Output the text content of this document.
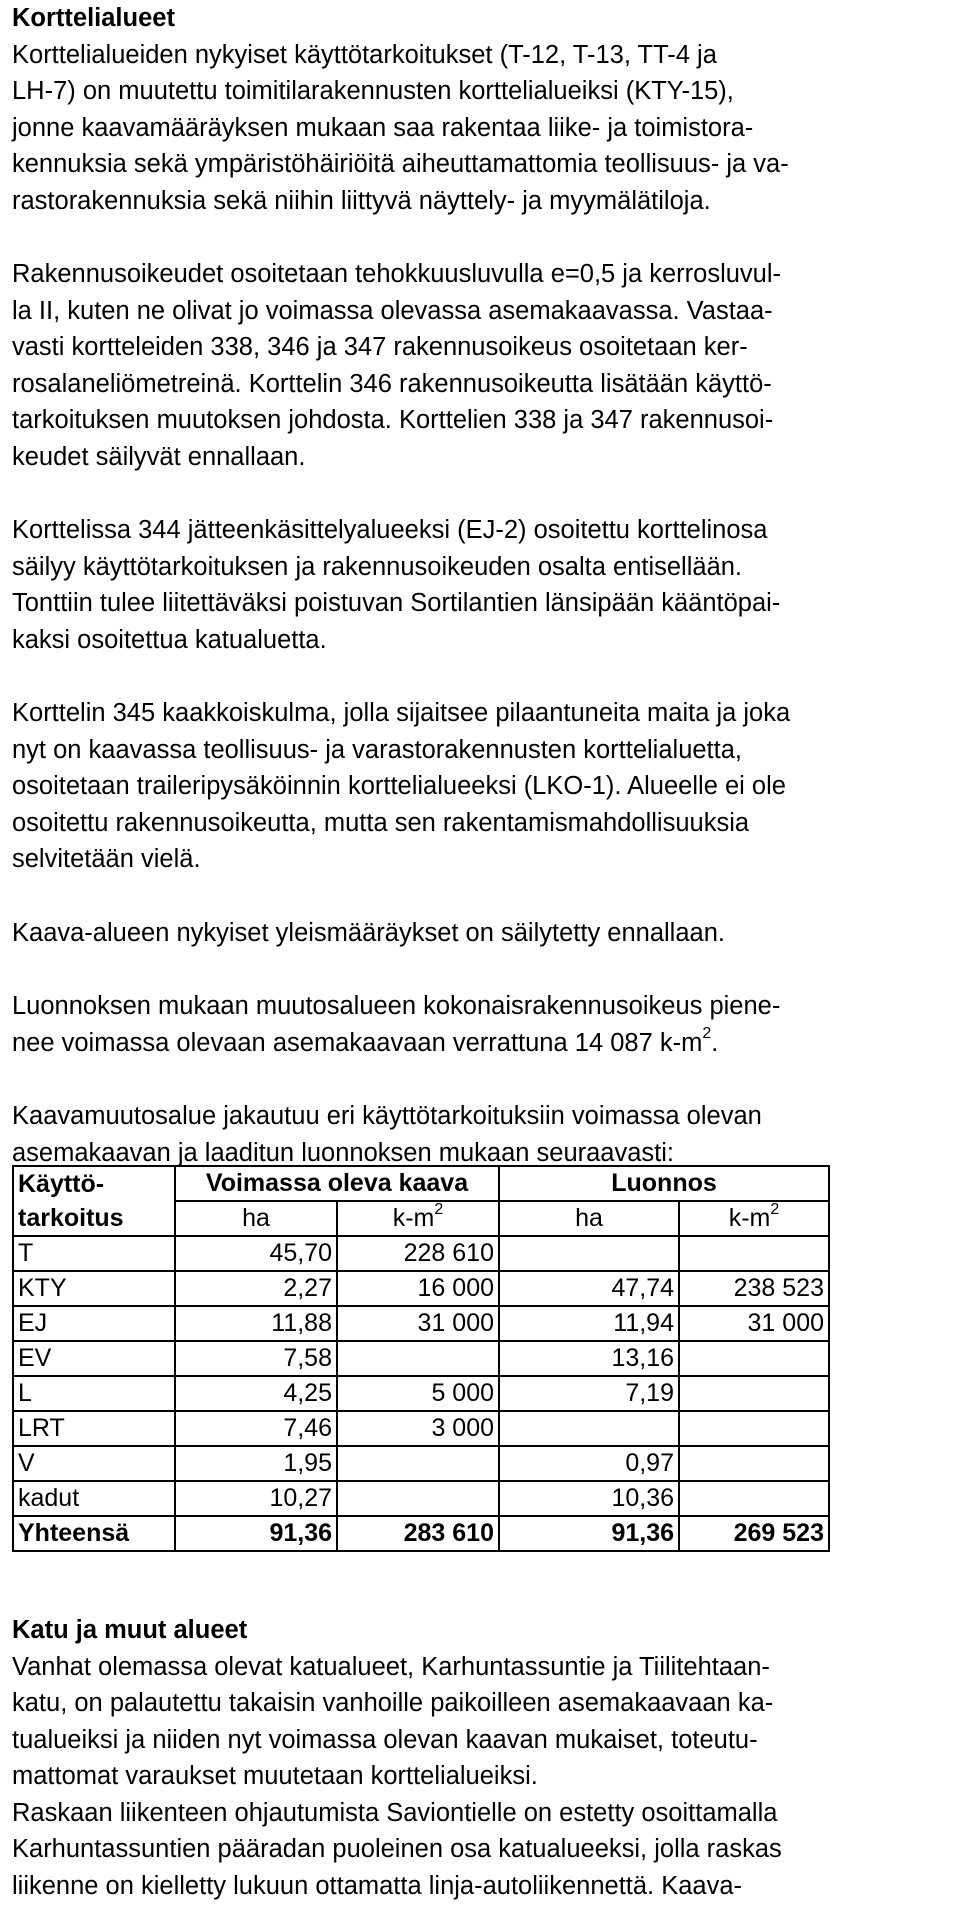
Korttelialueet
Korttelialueiden nykyiset käyttötarkoitukset (T-12, T-13, TT-4 ja
LH-7) on muutettu toimitilarakennusten korttelialueiksi (KTY-15),
jonne kaavamääräyksen mukaan saa rakentaa liike- ja toimistora-
kennuksia sekä ympäristöhäiriöitä aiheuttamattomia teollisuus- ja va-
rastorakennuksia sekä niihin liittyvä näyttely- ja myymälätiloja.
Rakennusoikeudet osoitetaan tehokkuusluvulla e=0,5 ja kerrosluvul-
la II, kuten ne olivat jo voimassa olevassa asemakaavassa. Vastaa-
vasti kortteleiden 338, 346 ja 347 rakennusoikeus osoitetaan ker-
rosalaneliömetreinä. Korttelin 346 rakennusoikeutta lisätään käyttö-
tarkoituksen muutoksen johdosta. Korttelien 338 ja 347 rakennusoi-
keudet säilyvät ennallaan.
Korttelissa 344 jätteenkäsittelyalueeksi (EJ-2) osoitettu korttelinosa
säilyy käyttötarkoituksen ja rakennusoikeuden osalta entisellään.
Tonttiin tulee liitettäväksi poistuvan Sortilantien länsipään kääntöpai-
kaksi osoitettua katualuetta.
Korttelin 345 kaakkoiskulma, jolla sijaitsee pilaantuneita maita ja joka
nyt on kaavassa teollisuus- ja varastorakennusten korttelialuetta,
osoitetaan traileripysäköinnin korttelialueeksi (LKO-1). Alueelle ei ole
osoitettu rakennusoikeutta, mutta sen rakentamismahdollisuuksia
selvitetään vielä.
Kaava-alueen nykyiset yleismääräykset on säilytetty ennallaan.
Luonnoksen mukaan muutosalueen kokonaisrakennusoikeus piene-
nee voimassa olevaan asemakaavaan verrattuna 14 087 $k-m^2$.
Kaavamuutosalue jakautuu eri käyttötarkoituksiin voimassa olevan
asemakaavan ja laaditun luonnoksen mukaan seuraavasti:
Käyttö-
tarkoitus	Voimassa oleva kaava		Luonnos	
	ha	$k-m^2$	ha	$k-m^2$
T	45,70	228 610		
KTY	2,27	16 000	47,74	238 523
EJ	11,88	31 000	11,94	31 000
EV	7,58		13,16	
L	4,25	5 000	7,19	
LRT	7,46	3 000		
V	1,95		0,97	
kadut	10,27		10,36	
Yhteensä	91,36	283 610	91,36	269 523
Katu ja muut alueet
Vanhat olemassa olevat katualueet, Karhuntassuntie ja Tiilitehtaan-
katu, on palautettu takaisin vanhoille paikoilleen asemakaavaan ka-
tualueiksi ja niiden nyt voimassa olevan kaavan mukaiset, toteutu-
mattomat varaukset muutetaan korttelialueiksi.
Raskaan liikenteen ohjautumista Saviontielle on estetty osoittamalla
Karhuntassuntien pääradan puoleinen osa katualueeksi, jolla raskas
liikenne on kielletty lukuun ottamatta linja-autoliikennettä. Kaava-
